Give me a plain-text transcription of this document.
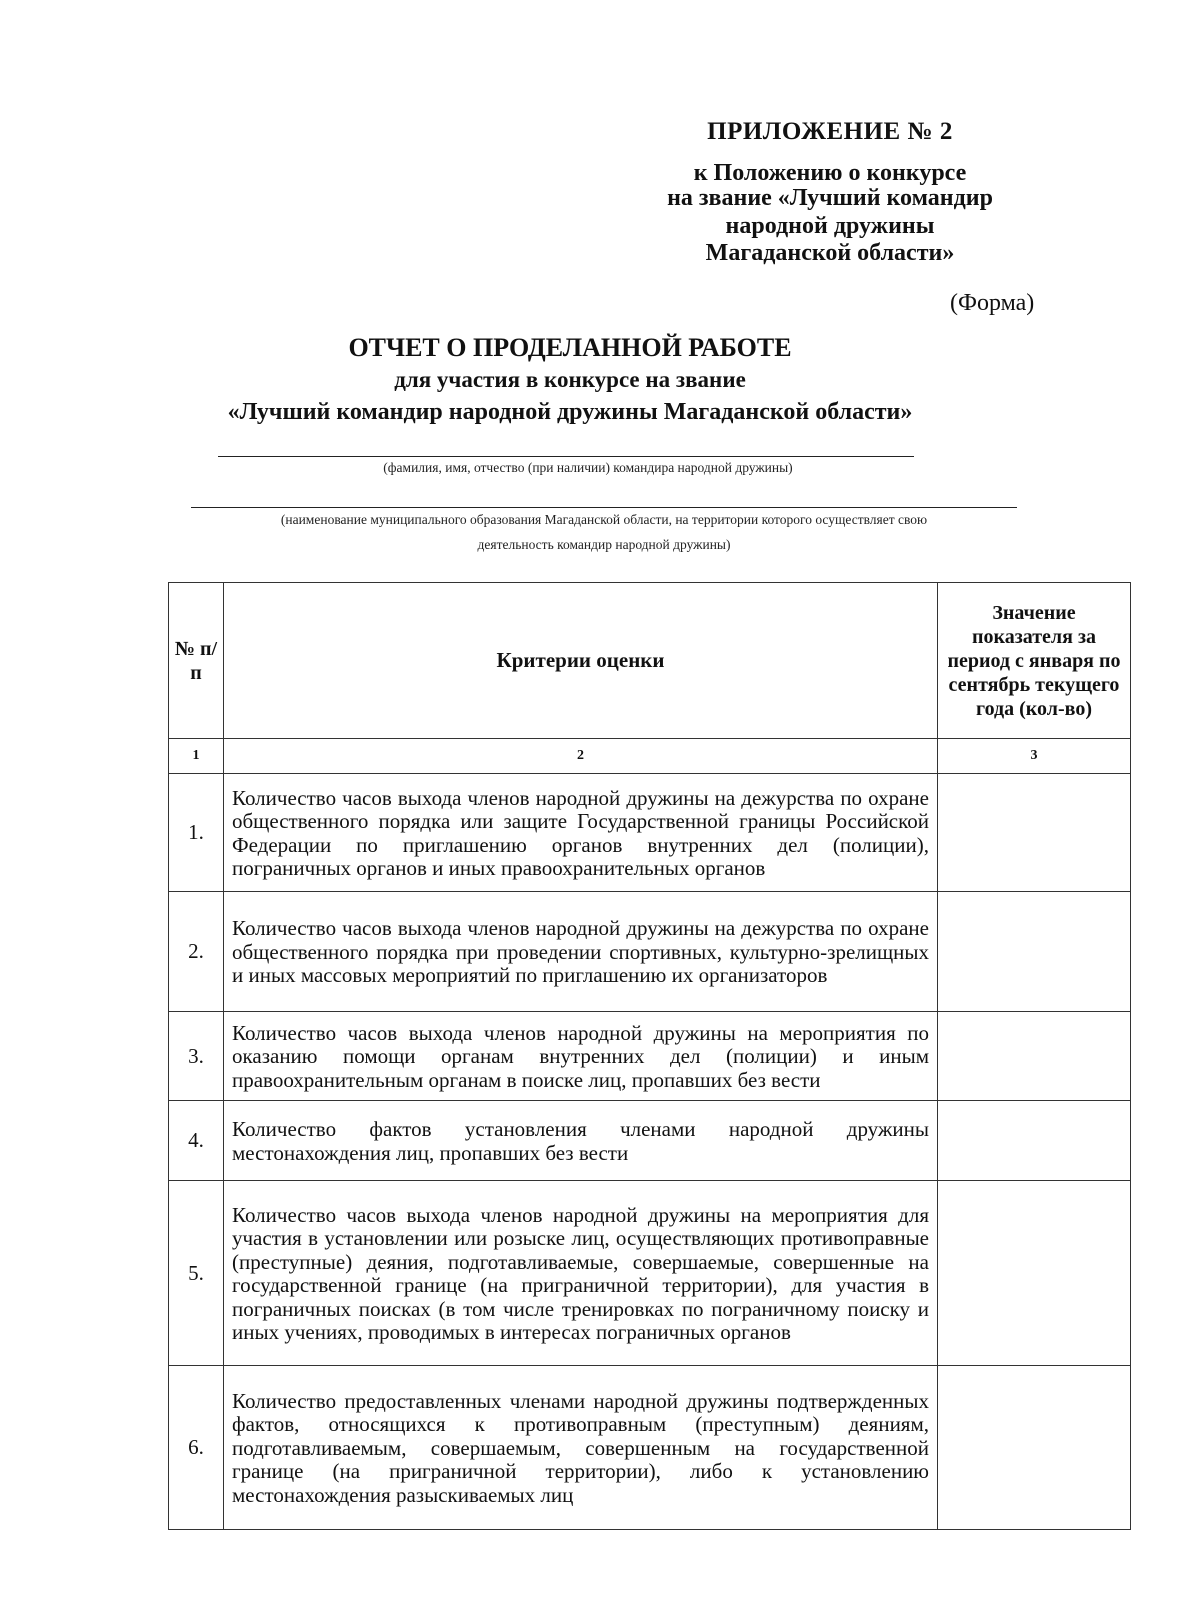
ПРИЛОЖЕНИЕ № 2
к Положению о конкурсе
на звание «Лучший командир
народной дружины
Магаданской области»
(Форма)
ОТЧЕТ О ПРОДЕЛАННОЙ РАБОТЕ
для участия в конкурсе на звание
«Лучший командир народной дружины Магаданской области»
(фамилия, имя, отчество (при наличии) командира народной дружины)
(наименование муниципального образования Магаданской области, на территории которого осуществляет свою
деятельность командир народной дружины)
№ п/п	Критерии оценки	Значение показателя за период с января по сентябрь текущего года (кол-во)
1	2	3
1.	Количество часов выхода членов народной дружины на дежурства по охране общественного порядка или защите Государственной границы Российской Федерации по приглашению органов внутренних дел (полиции), пограничных органов и иных правоохранительных органов	
2.	Количество часов выхода членов народной дружины на дежурства по охране общественного порядка при проведении спортивных, культурно-зрелищных и иных массовых мероприятий по приглашению их организаторов	
3.	Количество часов выхода членов народной дружины на мероприятия по оказанию помощи органам внутренних дел (полиции) и иным правоохранительным органам в поиске лиц, пропавших без вести	
4.	Количество фактов установления членами народной дружины местонахождения лиц, пропавших без вести	
5.	Количество часов выхода членов народной дружины на мероприятия для участия в установлении или розыске лиц, осуществляющих противоправные (преступные) деяния, подготавливаемые, совершаемые, совершенные на государственной границе (на приграничной территории), для участия в пограничных поисках (в том числе тренировках по пограничному поиску и иных учениях, проводимых в интересах пограничных органов	
6.	Количество предоставленных членами народной дружины подтвержденных фактов, относящихся к противоправным (преступным) деяниям, подготавливаемым, совершаемым, совершенным на государственной границе (на приграничной территории), либо к установлению местонахождения разыскиваемых лиц	
